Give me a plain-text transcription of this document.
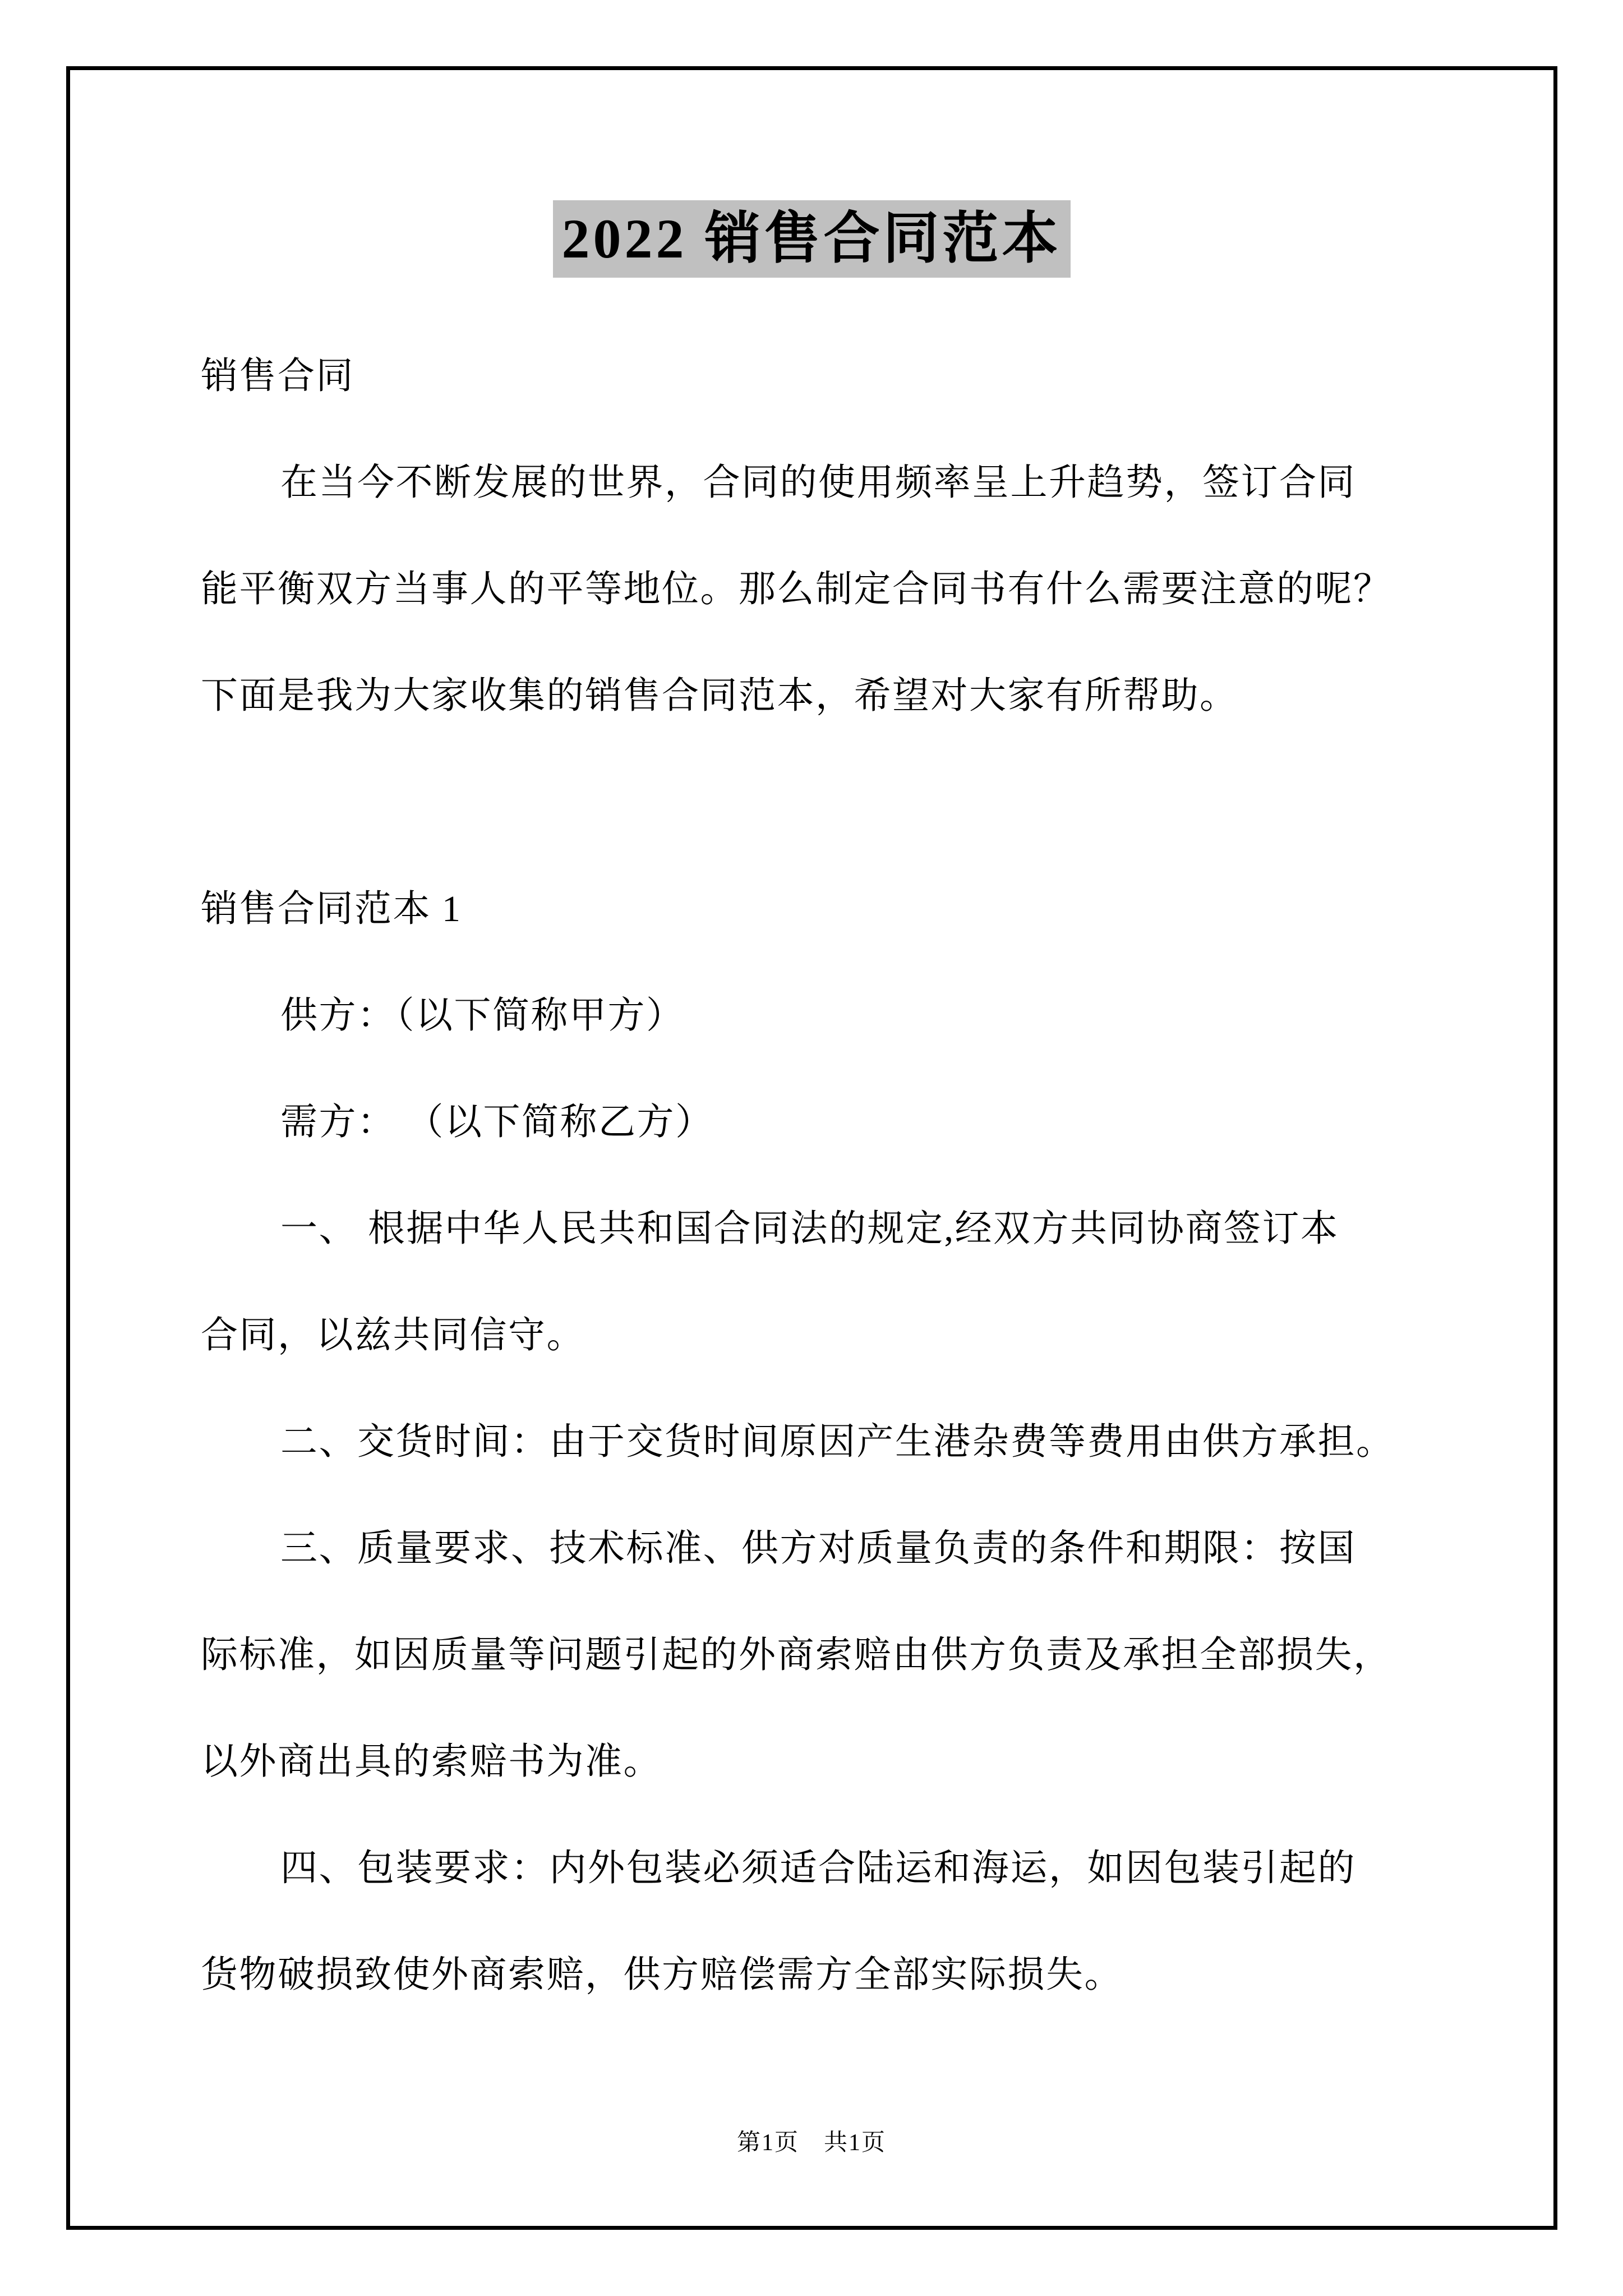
2022 销售合同范本
销售合同
在当今不断发展的世界，合同的使用频率呈上升趋势，签订合同
能平衡双方当事人的平等地位。那么制定合同书有什么需要注意的呢？
下面是我为大家收集的销售合同范本，希望对大家有所帮助。
销售合同范本 1
供方：（以下简称甲方）
需方： （以下简称乙方）
一、 根据中华人民共和国合同法的规定,经双方共同协商签订本
合同，以兹共同信守。
二、交货时间：由于交货时间原因产生港杂费等费用由供方承担。
三、质量要求、技术标准、供方对质量负责的条件和期限：按国
际标准，如因质量等问题引起的外商索赔由供方负责及承担全部损失，
以外商出具的索赔书为准。
四、包装要求：内外包装必须适合陆运和海运，如因包装引起的
货物破损致使外商索赔，供方赔偿需方全部实际损失。
第1页　共1页
